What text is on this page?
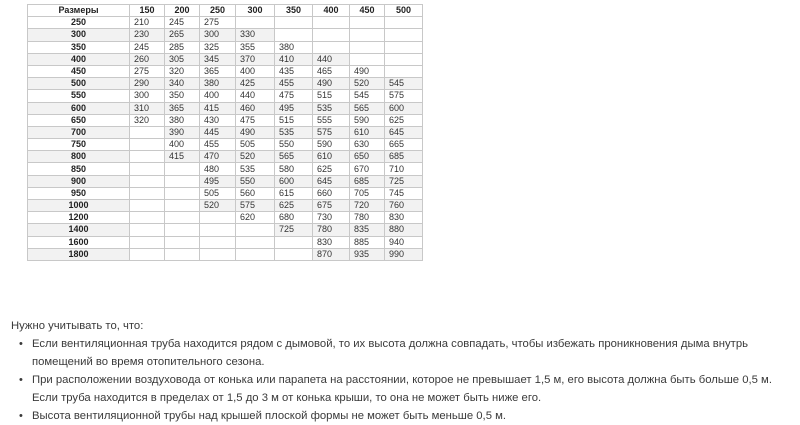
Размеры	150	200	250	300	350	400	450	500
250	210	245	275					
300	230	265	300	330				
350	245	285	325	355	380			
400	260	305	345	370	410	440		
450	275	320	365	400	435	465	490	
500	290	340	380	425	455	490	520	545
550	300	350	400	440	475	515	545	575
600	310	365	415	460	495	535	565	600
650	320	380	430	475	515	555	590	625
700		390	445	490	535	575	610	645
750		400	455	505	550	590	630	665
800		415	470	520	565	610	650	685
850			480	535	580	625	670	710
900			495	550	600	645	685	725
950			505	560	615	660	705	745
1000			520	575	625	675	720	760
1200				620	680	730	780	830
1400					725	780	835	880
1600						830	885	940
1800						870	935	990

Нужно учитывать то, что:

• Если вентиляционная труба находится рядом с дымовой, то их высота должна совпадать, чтобы избежать проникновения дыма внутрь помещений во время отопительного сезона.
• При расположении воздуховода от конька или парапета на расстоянии, которое не превышает 1,5 м, его высота должна быть больше 0,5 м. Если труба находится в пределах от 1,5 до 3 м от конька крыши, то она не может быть ниже его.
• Высота вентиляционной трубы над крышей плоской формы не может быть меньше 0,5 м.
